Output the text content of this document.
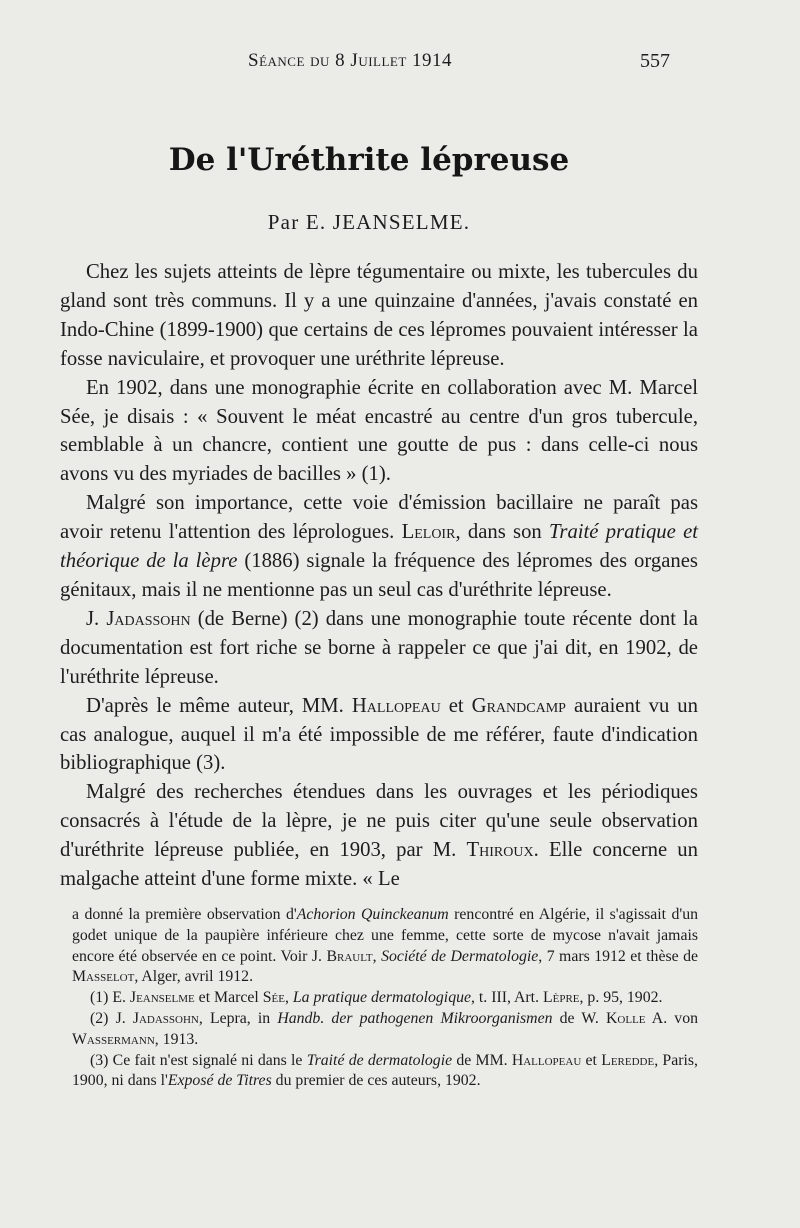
Séance du 8 Juillet 1914	557
De l'Uréthrite lépreuse
Par E. JEANSELME.

Chez les sujets atteints de lèpre tégumentaire ou mixte, les tubercules du gland sont très communs. Il y a une quinzaine d'années, j'avais constaté en Indo-Chine (1899-1900) que certains de ces lépromes pouvaient intéresser la fosse naviculaire, et provoquer une uréthrite lépreuse.

En 1902, dans une monographie écrite en collaboration avec M. Marcel Sée, je disais : « Souvent le méat encastré au centre d'un gros tubercule, semblable à un chancre, contient une goutte de pus : dans celle-ci nous avons vu des myriades de bacilles » (1).

Malgré son importance, cette voie d'émission bacillaire ne paraît pas avoir retenu l'attention des léprologues. Leloir, dans son Traité pratique et théorique de la lèpre (1886) signale la fréquence des lépromes des organes génitaux, mais il ne mentionne pas un seul cas d'uréthrite lépreuse.

J. Jadassohn (de Berne) (2) dans une monographie toute récente dont la documentation est fort riche se borne à rappeler ce que j'ai dit, en 1902, de l'uréthrite lépreuse.

D'après le même auteur, MM. Hallopeau et Grandcamp auraient vu un cas analogue, auquel il m'a été impossible de me référer, faute d'indication bibliographique (3).

Malgré des recherches étendues dans les ouvrages et les périodiques consacrés à l'étude de la lèpre, je ne puis citer qu'une seule observation d'uréthrite lépreuse publiée, en 1903, par M. Thiroux. Elle concerne un malgache atteint d'une forme mixte. « Le

a donné la première observation d'Achorion Quinckeanum rencontré en Algérie, il s'agissait d'un godet unique de la paupière inférieure chez une femme, cette sorte de mycose n'avait jamais encore été observée en ce point. Voir J. Brault, Société de Dermatologie, 7 mars 1912 et thèse de Masselot, Alger, avril 1912.

(1) E. Jeanselme et Marcel Sée, La pratique dermatologique, t. III, Art. Lèpre, p. 95, 1902.

(2) J. Jadassohn, Lepra, in Handb. der pathogenen Mikroorganismen de W. Kolle A. von Wassermann, 1913.

(3) Ce fait n'est signalé ni dans le Traité de dermatologie de MM. Hallopeau et Leredde, Paris, 1900, ni dans l'Exposé de Titres du premier de ces auteurs, 1902.
